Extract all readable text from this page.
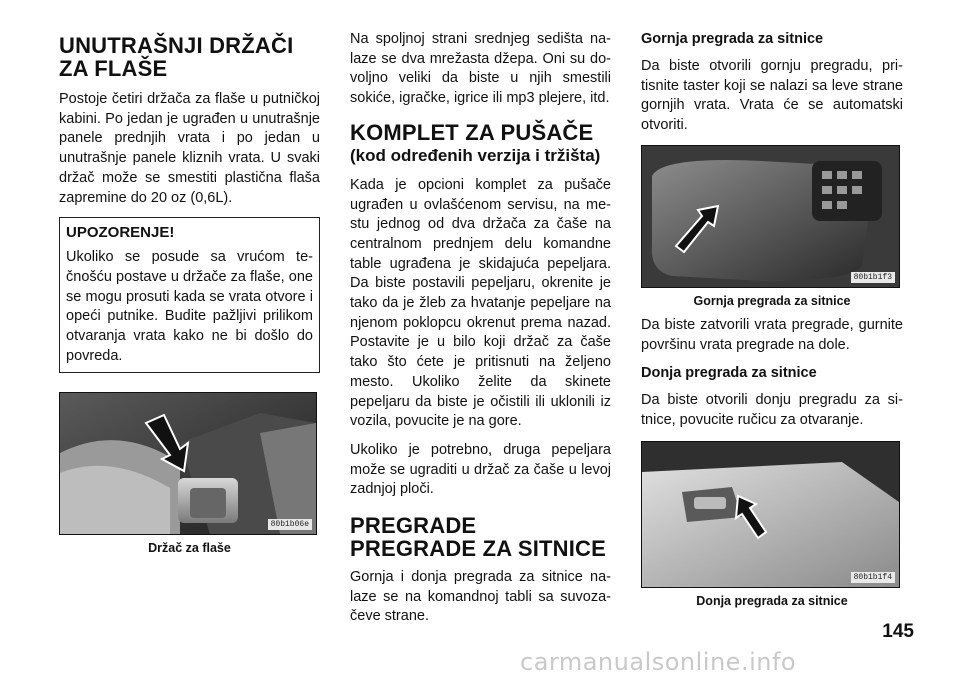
UNUTRAŠNJI DRŽAČI ZA FLAŠE

Postoje četiri držača za flaše u putničkoj kabini. Po jedan je ugrađen u unutrašnje panele prednjih vrata i po jedan u unutrašnje panele kliznih vrata. U svaki držač može se smestiti plastična flaša zapremine do 20 oz (0,6L).

UPOZORENJE!

Ukoliko se posude sa vrućom tečnošću postave u držače za flaše, one se mogu prosuti kada se vrata otvore i opeći putnike. Budite pažljivi prilikom otvaranja vrata kako ne bi došlo do povreda.

80b1b06e
Držač za flaše

Na spoljnoj strani srednjeg sedišta nalaze se dva mrežasta džepa. Oni su dovoljno veliki da biste u njih smestili sokiće, igračke, igrice ili mp3 plejere, itd.

KOMPLET ZA PUŠAČE
(kod određenih verzija i tržišta)

Kada je opcioni komplet za pušače ugrađen u ovlašćenom servisu, na mestu jednog od dva držača za čaše na centralnom prednjem delu komandne table ugrađena je skidajuća pepeljara. Da biste postavili pepeljaru, okrenite je tako da je žleb za hvatanje pepeljare na njenom poklopcu okrenut prema nazad. Postavite je u bilo koji držač za čaše tako što ćete je pritisnuti na željeno mesto. Ukoliko želite da skinete pepeljaru da biste je očistili ili uklonili iz vozila, povucite je na gore.

Ukoliko je potrebno, druga pepeljara može se ugraditi u držač za čaše u levoj zadnjoj ploči.

PREGRADE
PREGRADE ZA SITNICE

Gornja i donja pregrada za sitnice nalaze se na komandnoj tabli sa suvozačeve strane.

Gornja pregrada za sitnice

Da biste otvorili gornju pregradu, pritisnite taster koji se nalazi sa leve strane gornjih vrata. Vrata će se automatski otvoriti.

80b1b1f3
Gornja pregrada za sitnice

Da biste zatvorili vrata pregrade, gurnite površinu vrata pregrade na dole.

Donja pregrada za sitnice

Da biste otvorili donju pregradu za sitnice, povucite ručicu za otvaranje.

80b1b1f4
Donja pregrada za sitnice
145
carmanualsonline.info
